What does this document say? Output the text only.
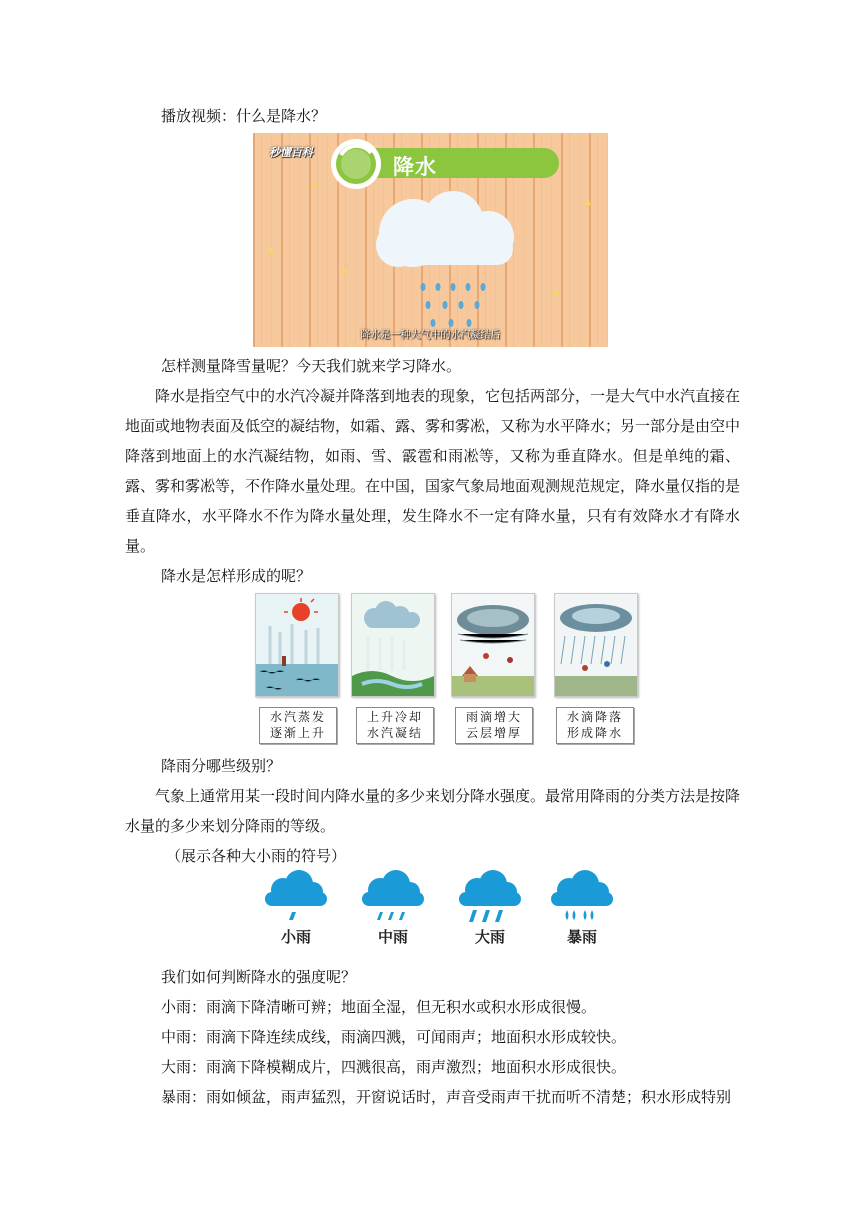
播放视频：什么是降水？
秒懂百科
降水
降水是一种大气中的水汽凝结后
怎样测量降雪量呢？今天我们就来学习降水。
降水是指空气中的水汽冷凝并降落到地表的现象，它包括两部分，一是大气中水汽直接在地面或地物表面及低空的凝结物，如霜、露、雾和雾凇，又称为水平降水；另一部分是由空中降落到地面上的水汽凝结物，如雨、雪、霰雹和雨凇等，又称为垂直降水。但是单纯的霜、露、雾和雾凇等，不作降水量处理。在中国，国家气象局地面观测规范规定，降水量仅指的是垂直降水，水平降水不作为降水量处理，发生降水不一定有降水量，只有有效降水才有降水量。
降水是怎样形成的呢？
水汽蒸发
逐渐上升
上升冷却
水汽凝结
雨滴增大
云层增厚
水滴降落
形成降水
降雨分哪些级别？
气象上通常用某一段时间内降水量的多少来划分降水强度。最常用降雨的分类方法是按降水量的多少来划分降雨的等级。
（展示各种大小雨的符号）
小雨	中雨	大雨	暴雨
我们如何判断降水的强度呢？
小雨：雨滴下降清晰可辨；地面全湿，但无积水或积水形成很慢。
中雨：雨滴下降连续成线，雨滴四溅，可闻雨声；地面积水形成较快。
大雨：雨滴下降模糊成片，四溅很高，雨声激烈；地面积水形成很快。
暴雨：雨如倾盆，雨声猛烈，开窗说话时，声音受雨声干扰而听不清楚；积水形成特别
